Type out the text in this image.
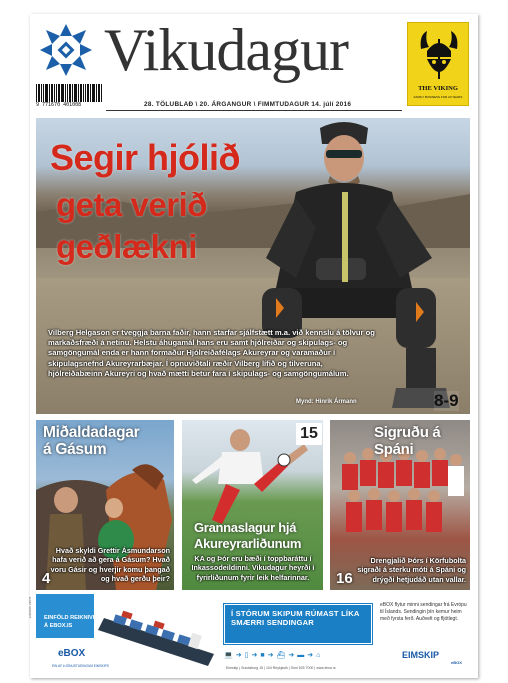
9 771670 401008
Vikudagur
28. TÖLUBLAÐ \ 20. ÁRGANGUR \ FIMMTUDAGUR 14. júlí 2016
THE VIKING
FAMILY BUSINESS FOR 20 YEARS
Segir hjólið
geta verið
geðlækni
Vilberg Helgason er tveggja barna faðir, hann starfar sjálfstætt m.a. við kennslu á tölvur og markaðsfræði á netinu. Helstu áhugamál hans eru samt hjólreiðar og skipulags- og samgöngumál enda er hann formaður Hjólreiðafélags Akureyrar og varamaður í skipulagsnefnd Akureyrarbæjar. Í opnuviðtali ræðir Vilberg lífið og tilveruna, hjólreiðabæinn Akureyri og hvað mætti betur fara í skipulags- og samgöngumálum.
Mynd: Hinrik Ármann	8-9
Miðaldadagar
á Gásum
Hvað skyldi Grettir Ásmundarson hafa verið að gera á Gásum? Hvað voru Gásir og hverjir komu þangað og hvað gerðu þeir?
4
15
Grannaslagur hjá
Akureyrarliðunum
KA og Þór eru bæði í toppbaráttu í Inkassodeildinni. Vikudagur heyrði í fyrirliðunum fyrir leik helfarinnar.
Sigruðu á Spáni
Drengjalið Þórs í Körfubolta sigraði á sterku móti á Spáni og drýgði hetjudáð utan vallar.
16
EINFÖLD REIKNIVÉL Á EBOX.IS
Í STÓRUM SKIPUM RÚMAST LÍKA SMÆRRI SENDINGAR
💻 ➜ ▯ ➜ ■ ➜ ⛴ ➜ ▬ ➜ ⌂
eBOX flytur minni sendingar frá Evrópu til Íslands. Sendingin þín kemur heim með fyrsta ferð. Auðvelt og fljótlegt.
eBOX
EIN AF ÞJÓNUSTUEINGUM EIMSKIPS
EIMSKIP
eBOX
Eimskip | Sundaborg 15 | 104 Reykjavík | Sími 525 7000 | www.ebox.is
EIMSKIP 29078
